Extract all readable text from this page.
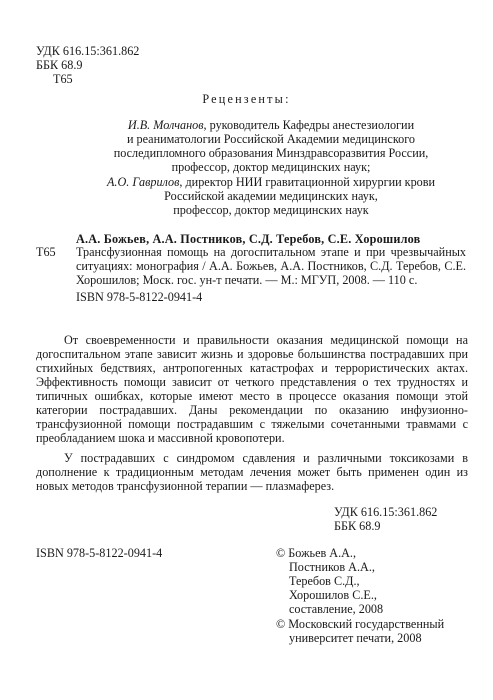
УДК 616.15:361.862
ББК 68.9
Т65
Рецензенты:
И.В. Молчанов, руководитель Кафедры анестезиологии
и реаниматологии Российской Академии медицинского
последипломного образования Минздравсоразвития России,
профессор, доктор медицинских наук;
А.О. Гаврилов, директор НИИ гравитационной хирургии крови
Российской академии медицинских наук,
профессор, доктор медицинских наук
А.А. Божьев, А.А. Постников, С.Д. Теребов, С.Е. Хорошилов
Т65 Трансфузионная помощь на догоспитальном этапе и при чрезвычайных ситуациях: монография / А.А. Божьев, А.А. Постников, С.Д. Теребов, С.Е. Хорошилов; Моск. гос. ун-т печати. — М.: МГУП, 2008. — 110 с.
ISBN 978-5-8122-0941-4

От своевременности и правильности оказания медицинской помощи на догоспитальном этапе зависит жизнь и здоровье большинства пострадавших при стихийных бедствиях, антропогенных катастрофах и террористических актах. Эффективность помощи зависит от четкого представления о тех трудностях и типичных ошибках, которые имеют место в процессе оказания помощи этой категории пострадавших. Даны рекомендации по оказанию инфузионно-трансфузионной помощи пострадавшим с тяжелыми сочетанными травмами с преобладанием шока и массивной кровопотери.

У пострадавших с синдромом сдавления и различными токсикозами в дополнение к традиционным методам лечения может быть применен один из новых методов трансфузионной терапии — плазмаферез.

УДК 616.15:361.862
ББК 68.9
ISBN 978-5-8122-0941-4	© Божьев А.А.,
Постников А.А.,
Теребов С.Д.,
Хорошилов С.Е.,
составление, 2008
© Московский государственный
университет печати, 2008
